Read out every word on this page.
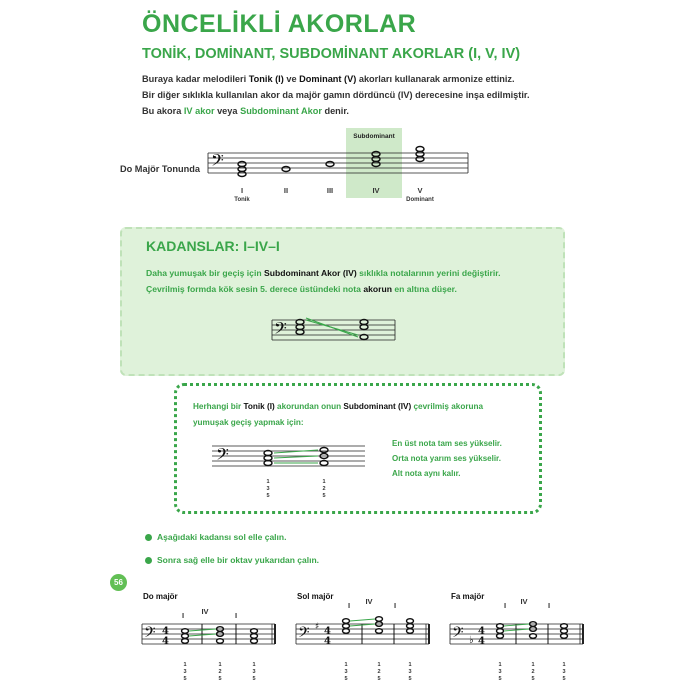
ÖNCELİKLİ AKORLAR
TONİK, DOMİNANT, SUBDOMİNANT AKORLAR (I, V, IV)
Buraya kadar melodileri Tonik (I) ve Dominant (V) akorları kullanarak armonize ettiniz.
Bir diğer sıklıkla kullanılan akor da majör gamın dördüncü (IV) derecesine inşa edilmiştir.
Bu akora IV akor veya Subdominant Akor denir.
Subdominant
Do Majör Tonunda 𝄢
I	II	III	IV	V
Tonik	Dominant
KADANSLAR: I–IV–I
Daha yumuşak bir geçiş için Subdominant Akor (IV) sıklıkla notalarının yerini değiştirir.
Çevrilmiş formda kök sesin 5. derece üstündeki nota akorun en altına düşer.
𝄢
Herhangi bir Tonik (I) akorundan onun Subdominant (IV) çevrilmiş akoruna
yumuşak geçiş yapmak için:
𝄢
1
3
5
1
2
5
En üst nota tam ses yükselir.
Orta nota yarım ses yükselir.
Alt nota aynı kalır.
Aşağıdaki kadansı sol elle çalın.
Sonra sağ elle bir oktav yukarıdan çalın.
56
Do majör	Sol majör	Fa majör
I	IV	I
I	IV	I	I	IV	I
𝄢 4
4	𝄢 ♯ 4
4	𝄢 ♭
4
4
1
3
5
1
2
5
1
3
5
1
3
5
1
2
5
1
3
5
1
3
5
1
2
5
1
3
5
